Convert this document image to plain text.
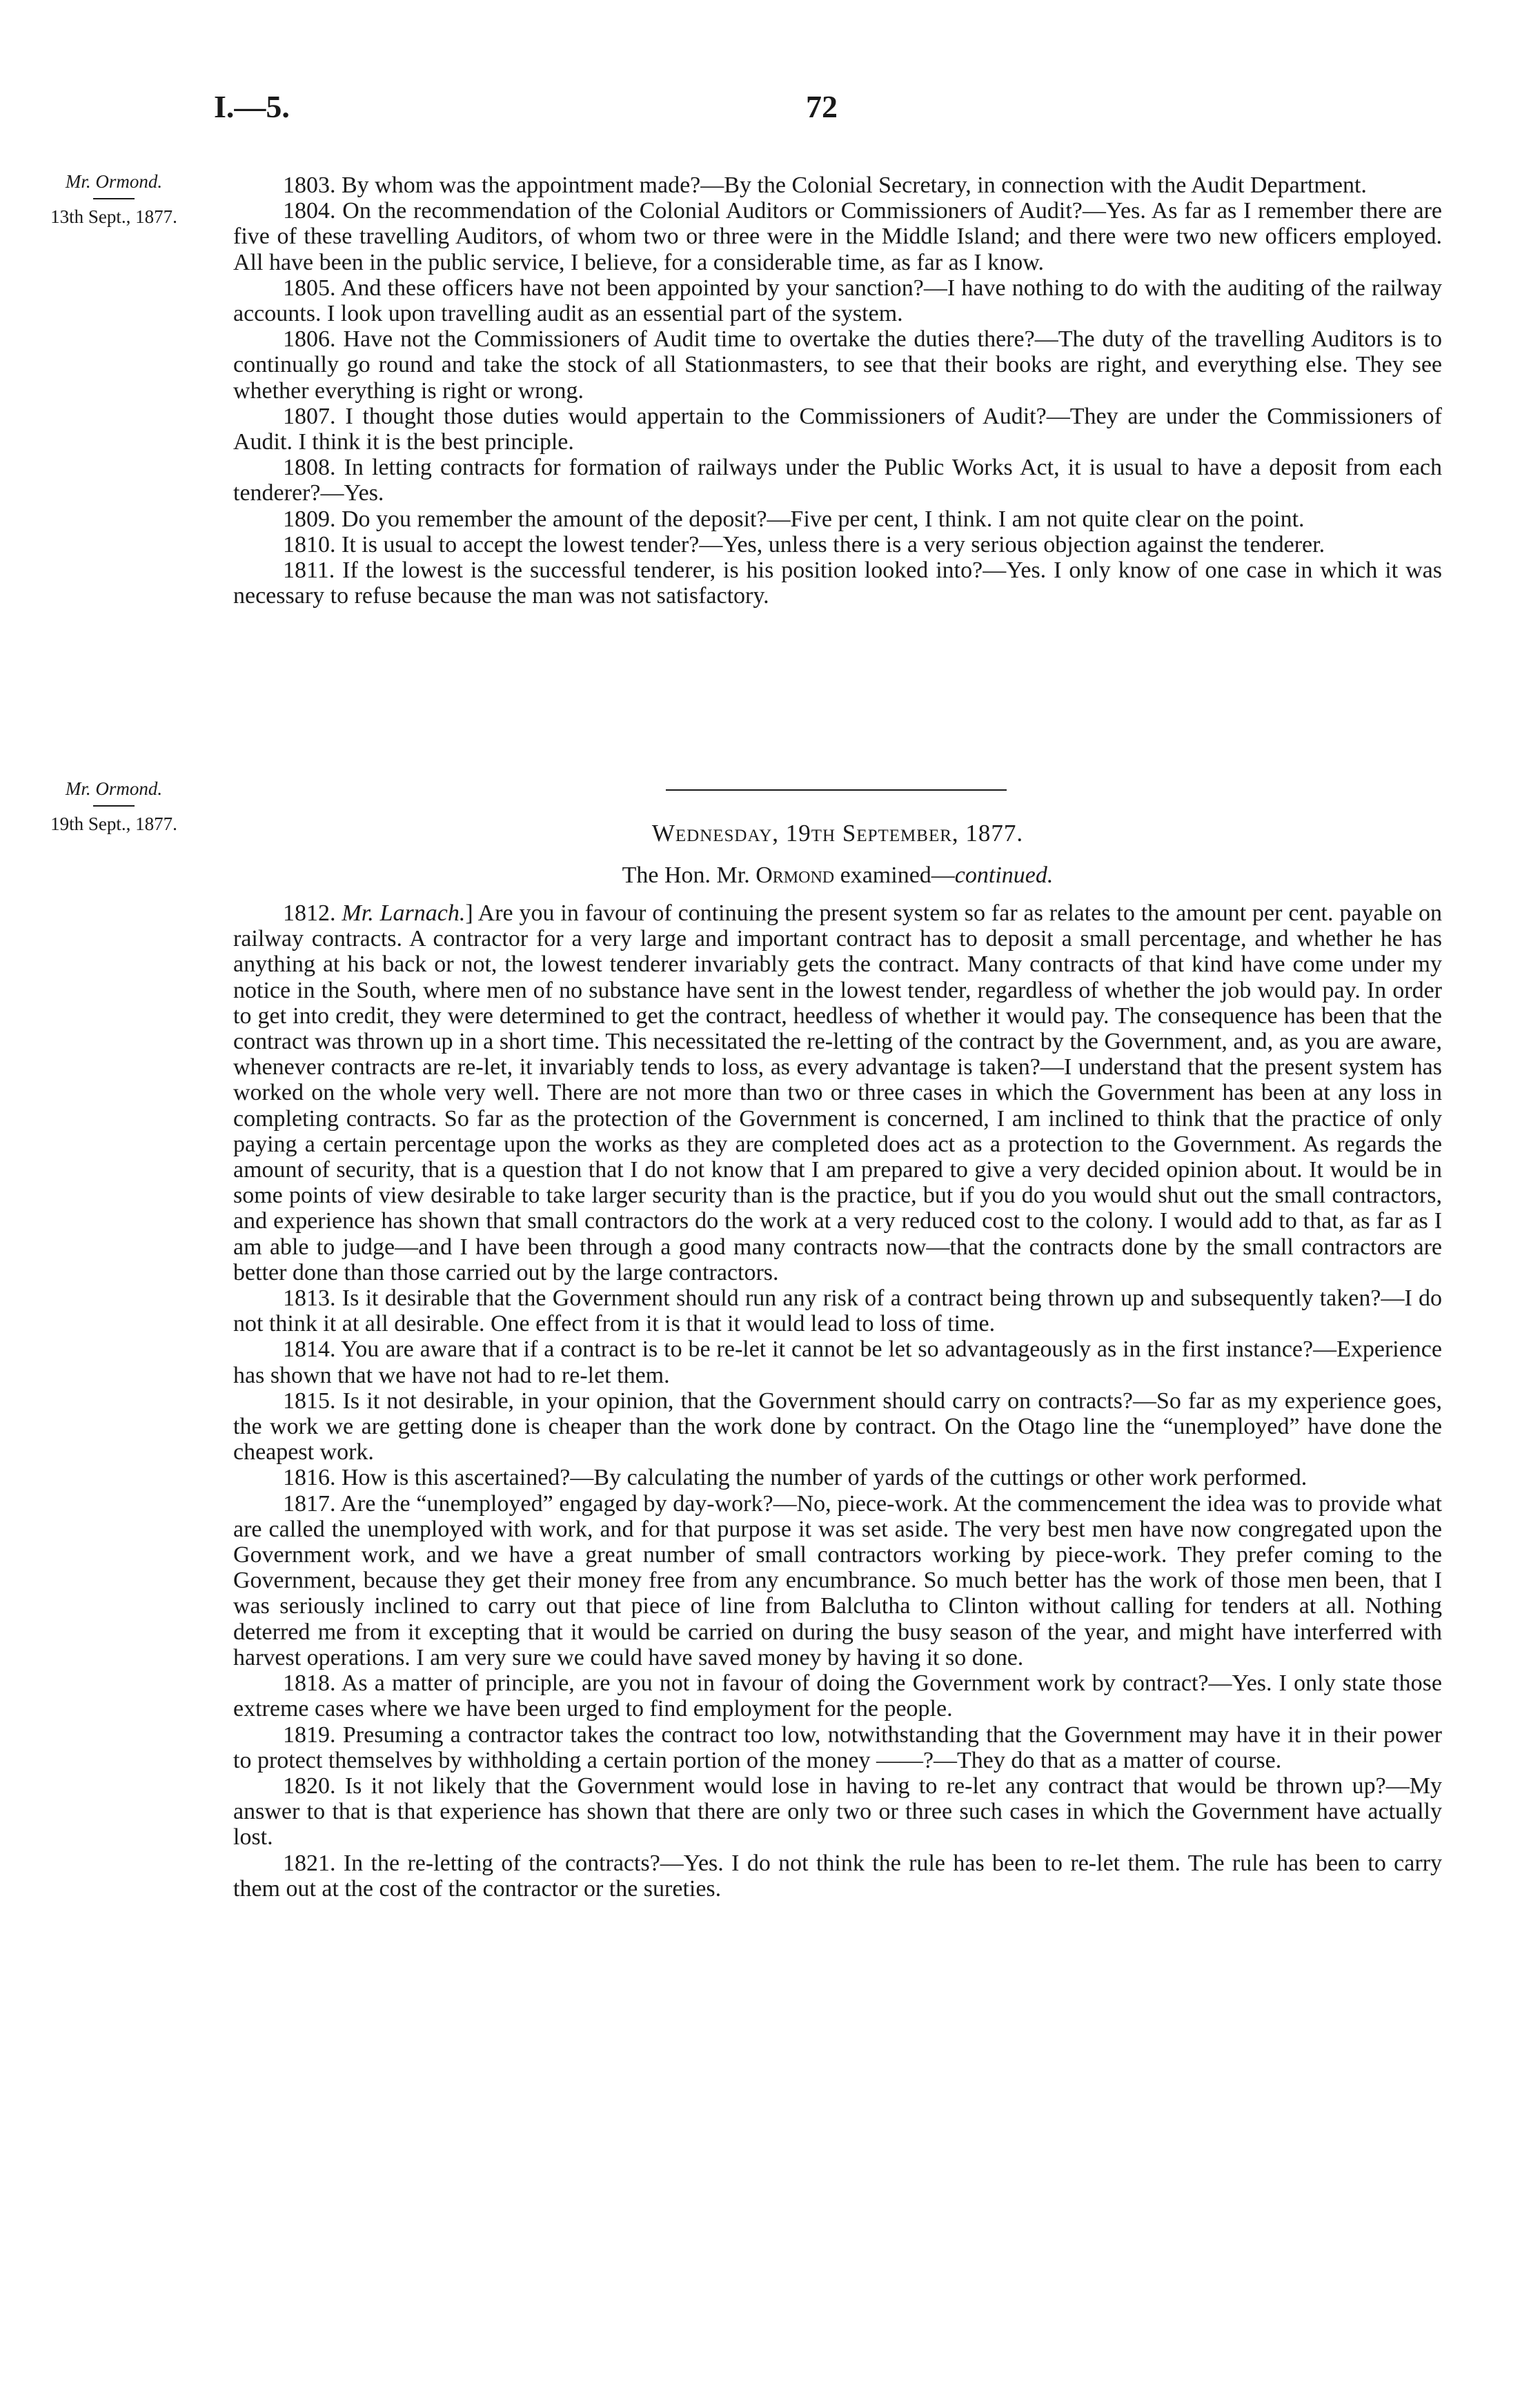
I.—5.	72
Mr. Ormond.
13th Sept., 1877.
Mr. Ormond.
19th Sept., 1877.

1803. By whom was the appointment made?—By the Colonial Secretary, in connection with the Audit Department.

1804. On the recommendation of the Colonial Auditors or Commissioners of Audit?—Yes. As far as I remember there are five of these travelling Auditors, of whom two or three were in the Middle Island; and there were two new officers employed. All have been in the public service, I believe, for a considerable time, as far as I know.

1805. And these officers have not been appointed by your sanction?—I have nothing to do with the auditing of the railway accounts. I look upon travelling audit as an essential part of the system.

1806. Have not the Commissioners of Audit time to overtake the duties there?—The duty of the travelling Auditors is to continually go round and take the stock of all Stationmasters, to see that their books are right, and everything else. They see whether everything is right or wrong.

1807. I thought those duties would appertain to the Commissioners of Audit?—They are under the Commissioners of Audit. I think it is the best principle.

1808. In letting contracts for formation of railways under the Public Works Act, it is usual to have a deposit from each tenderer?—Yes.

1809. Do you remember the amount of the deposit?—Five per cent, I think. I am not quite clear on the point.

1810. It is usual to accept the lowest tender?—Yes, unless there is a very serious objection against the tenderer.

1811. If the lowest is the successful tenderer, is his position looked into?—Yes. I only know of one case in which it was necessary to refuse because the man was not satisfactory.

Wednesday, 19th September, 1877.
The Hon. Mr. Ormond examined—continued.

1812. Mr. Larnach.] Are you in favour of continuing the present system so far as relates to the amount per cent. payable on railway contracts. A contractor for a very large and important contract has to deposit a small percentage, and whether he has anything at his back or not, the lowest tenderer invariably gets the contract. Many contracts of that kind have come under my notice in the South, where men of no substance have sent in the lowest tender, regardless of whether the job would pay. In order to get into credit, they were determined to get the contract, heedless of whether it would pay. The consequence has been that the contract was thrown up in a short time. This necessitated the re-letting of the contract by the Government, and, as you are aware, whenever contracts are re-let, it invariably tends to loss, as every advantage is taken?—I understand that the present system has worked on the whole very well. There are not more than two or three cases in which the Government has been at any loss in completing contracts. So far as the protection of the Government is concerned, I am inclined to think that the practice of only paying a certain percentage upon the works as they are completed does act as a protection to the Government. As regards the amount of security, that is a question that I do not know that I am prepared to give a very decided opinion about. It would be in some points of view desirable to take larger security than is the practice, but if you do you would shut out the small contractors, and experience has shown that small contractors do the work at a very reduced cost to the colony. I would add to that, as far as I am able to judge—and I have been through a good many contracts now—that the contracts done by the small contractors are better done than those carried out by the large contractors.

1813. Is it desirable that the Government should run any risk of a contract being thrown up and subsequently taken?—I do not think it at all desirable. One effect from it is that it would lead to loss of time.

1814. You are aware that if a contract is to be re-let it cannot be let so advantageously as in the first instance?—Experience has shown that we have not had to re-let them.

1815. Is it not desirable, in your opinion, that the Government should carry on contracts?—So far as my experience goes, the work we are getting done is cheaper than the work done by contract. On the Otago line the “unemployed” have done the cheapest work.

1816. How is this ascertained?—By calculating the number of yards of the cuttings or other work performed.

1817. Are the “unemployed” engaged by day-work?—No, piece-work. At the commencement the idea was to provide what are called the unemployed with work, and for that purpose it was set aside. The very best men have now congregated upon the Government work, and we have a great number of small contractors working by piece-work. They prefer coming to the Government, because they get their money free from any encumbrance. So much better has the work of those men been, that I was seriously inclined to carry out that piece of line from Balclutha to Clinton without calling for tenders at all. Nothing deterred me from it excepting that it would be carried on during the busy season of the year, and might have interferred with harvest operations. I am very sure we could have saved money by having it so done.

1818. As a matter of principle, are you not in favour of doing the Government work by contract?—Yes. I only state those extreme cases where we have been urged to find employment for the people.

1819. Presuming a contractor takes the contract too low, notwithstanding that the Government may have it in their power to protect themselves by withholding a certain portion of the money ——?—They do that as a matter of course.

1820. Is it not likely that the Government would lose in having to re-let any contract that would be thrown up?—My answer to that is that experience has shown that there are only two or three such cases in which the Government have actually lost.

1821. In the re-letting of the contracts?—Yes. I do not think the rule has been to re-let them. The rule has been to carry them out at the cost of the contractor or the sureties.
